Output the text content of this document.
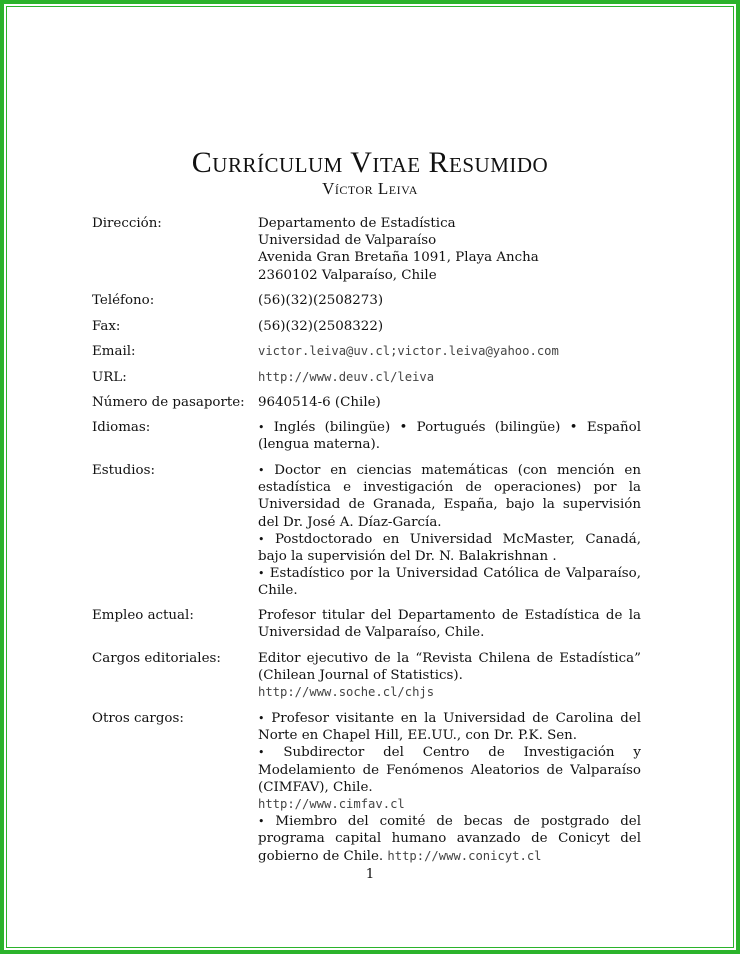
Currículum Vitae Resumido
Víctor Leiva
Dirección:	Departamento de Estadística
Universidad de Valparaíso
Avenida Gran Bretaña 1091, Playa Ancha
2360102 Valparaíso, Chile
Teléfono:	(56)(32)(2508273)
Fax:	(56)(32)(2508322)
Email:	victor.leiva@uv.cl;victor.leiva@yahoo.com
URL:	http://www.deuv.cl/leiva
Número de pasaporte: 9640514-6 (Chile)
Idiomas:	• Inglés (bilingüe) • Portugués (bilingüe) • Español (lengua materna).
Estudios:	• Doctor en ciencias matemáticas (con mención en estadística e investigación de operaciones) por la Universidad de Granada, España, bajo la supervisión del Dr. José A. Díaz-García.
• Postdoctorado en Universidad McMaster, Canadá, bajo la supervisión del Dr. N. Balakrishnan .
• Estadístico por la Universidad Católica de Valparaíso, Chile.
Empleo actual:	Profesor titular del Departamento de Estadística de la Universidad de Valparaíso, Chile.
Cargos editoriales:	Editor ejecutivo de la “Revista Chilena de Estadística” (Chilean Journal of Statistics).
http://www.soche.cl/chjs
Otros cargos:	• Profesor visitante en la Universidad de Carolina del Norte en Chapel Hill, EE.UU., con Dr. P.K. Sen.
• Subdirector del Centro de Investigación y Modelamiento de Fenómenos Aleatorios de Valparaíso (CIMFAV), Chile.
http://www.cimfav.cl
• Miembro del comité de becas de postgrado del programa capital humano avanzado de Conicyt del gobierno de Chile. http://www.conicyt.cl
1
